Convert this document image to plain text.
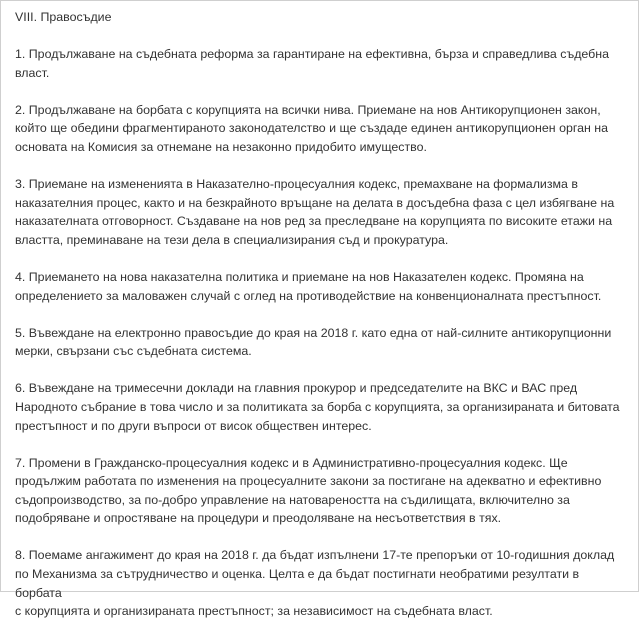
VIII. Правосъдие
1. Продължаване на съдебната реформа за гарантиране на ефективна, бърза и справедлива съдебна
власт.
2. Продължаване на борбата с корупцията на всички нива. Приемане на нов Антикорупционен закон,
който ще обедини фрагментираното законодателство и ще създаде единен антикорупционен орган на
основата на Комисия за отнемане на незаконно придобито имущество.
3. Приемане на измененията в Наказателно-процесуалния кодекс, премахване на формализма в
наказателния процес, както и на безкрайното връщане на делата в досъдебна фаза с цел избягване на
наказателната отговорност. Създаване на нов ред за преследване на корупцията по високите етажи на
властта, преминаване на тези дела в специализирания съд и прокуратура.
4. Приемането на нова наказателна политика и приемане на нов Наказателен кодекс. Промяна на
определението за маловажен случай с оглед на противодействие на конвенционалната престъпност.
5. Въвеждане на електронно правосъдие до края на 2018 г. като една от най-силните антикорупционни
мерки, свързани със съдебната система.
6. Въвеждане на тримесечни доклади на главния прокурор и председателите на ВКС и ВАС пред
Народното събрание в това число и за политиката за борба с корупцията, за организираната и битовата
престъпност и по други въпроси от висок обществен интерес.
7. Промени в Гражданско-процесуалния кодекс и в Административно-процесуалния кодекс. Ще
продължим работата по изменения на процесуалните закони за постигане на адекватно и ефективно
съдопроизводство, за по-добро управление на натовареността на съдилищата, включително за
подобряване и опростяване на процедури и преодоляване на несъответствия в тях.
8. Поемаме ангажимент до края на 2018 г. да бъдат изпълнени 17-те препоръки от 10-годишния доклад
по Механизма за сътрудничество и оценка. Целта е да бъдат постигнати необратими резултати в борбата
с корупцията и организираната престъпност; за независимост на съдебната власт.
